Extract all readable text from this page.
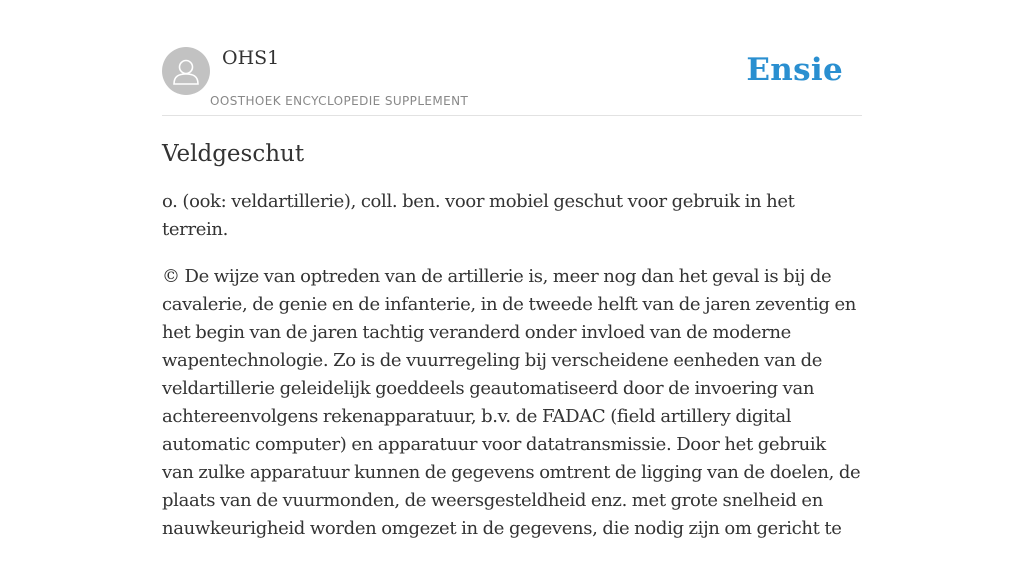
OHS1
OOSTHOEK ENCYCLOPEDIE SUPPLEMENT
Ensie
Veldgeschut

o. (ook: veldartillerie), coll. ben. voor mobiel geschut voor gebruik in het terrein.

© De wijze van optreden van de artillerie is, meer nog dan het geval is bij de cavalerie, de genie en de infanterie, in de tweede helft van de jaren zeventig en het begin van de jaren tachtig veranderd onder invloed van de moderne wapentechnologie. Zo is de vuurregeling bij verscheidene eenheden van de veldartillerie geleidelijk goeddeels geautomatiseerd door de invoering van achtereenvolgens rekenapparatuur, b.v. de FADAC (field artillery digital automatic computer) en apparatuur voor datatransmissie. Door het gebruik van zulke apparatuur kunnen de gegevens omtrent de ligging van de doelen, de plaats van de vuurmonden, de weersgesteldheid enz. met grote snelheid en nauwkeurigheid worden omgezet in de gegevens, die nodig zijn om gericht te
